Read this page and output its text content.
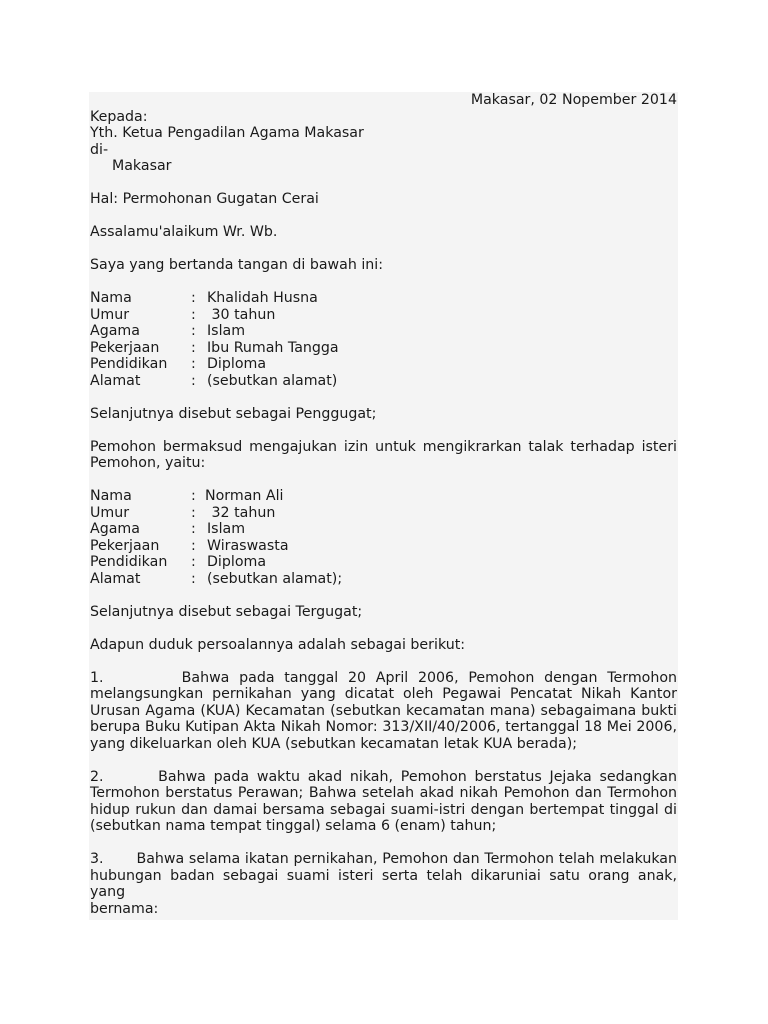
Makasar, 02 Nopember 2014
Kepada:
Yth. Ketua Pengadilan Agama Makasar
di-
Makasar
Hal: Permohonan Gugatan Cerai
Assalamu'alaikum Wr. Wb.
Saya yang bertanda tangan di bawah ini:
Nama	: Khalidah Husna
Umur	: 30 tahun
Agama	: Islam
Pekerjaan : Ibu Rumah Tangga
Pendidikan : Diploma
Alamat	: (sebutkan alamat)
Selanjutnya disebut sebagai Penggugat;
Pemohon bermaksud mengajukan izin untuk mengikrarkan talak terhadap isteri
Pemohon, yaitu:
Nama	: Norman Ali
Umur	: 32 tahun
Agama	: Islam
Pekerjaan : Wiraswasta
Pendidikan : Diploma
Alamat	: (sebutkan alamat);
Selanjutnya disebut sebagai Tergugat;
Adapun duduk persoalannya adalah sebagai berikut:
1.        Bahwa pada tanggal 20 April 2006, Pemohon dengan Termohon
melangsungkan pernikahan yang dicatat oleh Pegawai Pencatat Nikah Kantor
Urusan Agama (KUA) Kecamatan (sebutkan kecamatan mana) sebagaimana bukti
berupa Buku Kutipan Akta Nikah Nomor: 313/XII/40/2006, tertanggal 18 Mei 2006,
yang dikeluarkan oleh KUA (sebutkan kecamatan letak KUA berada);
2.       Bahwa pada waktu akad nikah, Pemohon berstatus Jejaka sedangkan
Termohon berstatus Perawan; Bahwa setelah akad nikah Pemohon dan Termohon
hidup rukun dan damai bersama sebagai suami-istri dengan bertempat tinggal di
(sebutkan nama tempat tinggal) selama 6 (enam) tahun;
3.       Bahwa selama ikatan pernikahan, Pemohon dan Termohon telah melakukan
hubungan badan sebagai suami isteri serta telah dikaruniai satu orang anak, yang
bernama:
